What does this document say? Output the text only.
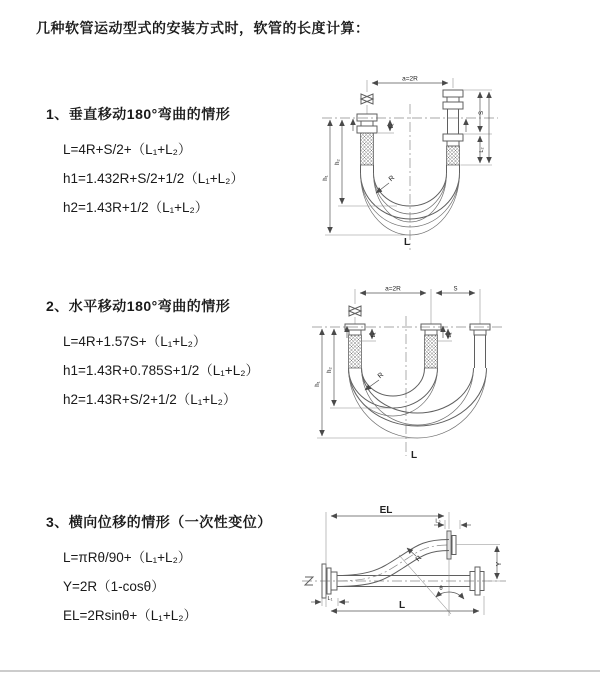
几种软管运动型式的安装方式时，软管的长度计算：
1、垂直移动180°弯曲的情形
L=4R+S/2+（L₁+L₂）
h1=1.432R+S/2+1/2（L₁+L₂）
h2=1.43R+1/2（L₁+L₂）
a=2R
h₁
h₂
L₁
S
L₂
R
L
2、水平移动180°弯曲的情形
L=4R+1.57S+（L₁+L₂）
h1=1.43R+0.785S+1/2（L₁+L₂）
h2=1.43R+S/2+1/2（L₁+L₂）
a=2R	S
h₁
h₂
L₁	L₂
R
L
3、横向位移的情形（一次性变位）
L=πRθ/90+（L₁+L₂）
Y=2R（1-cosθ）
EL=2Rsinθ+（L₁+L₂）
EL
L₂
Y
θ
R
L₁
L
